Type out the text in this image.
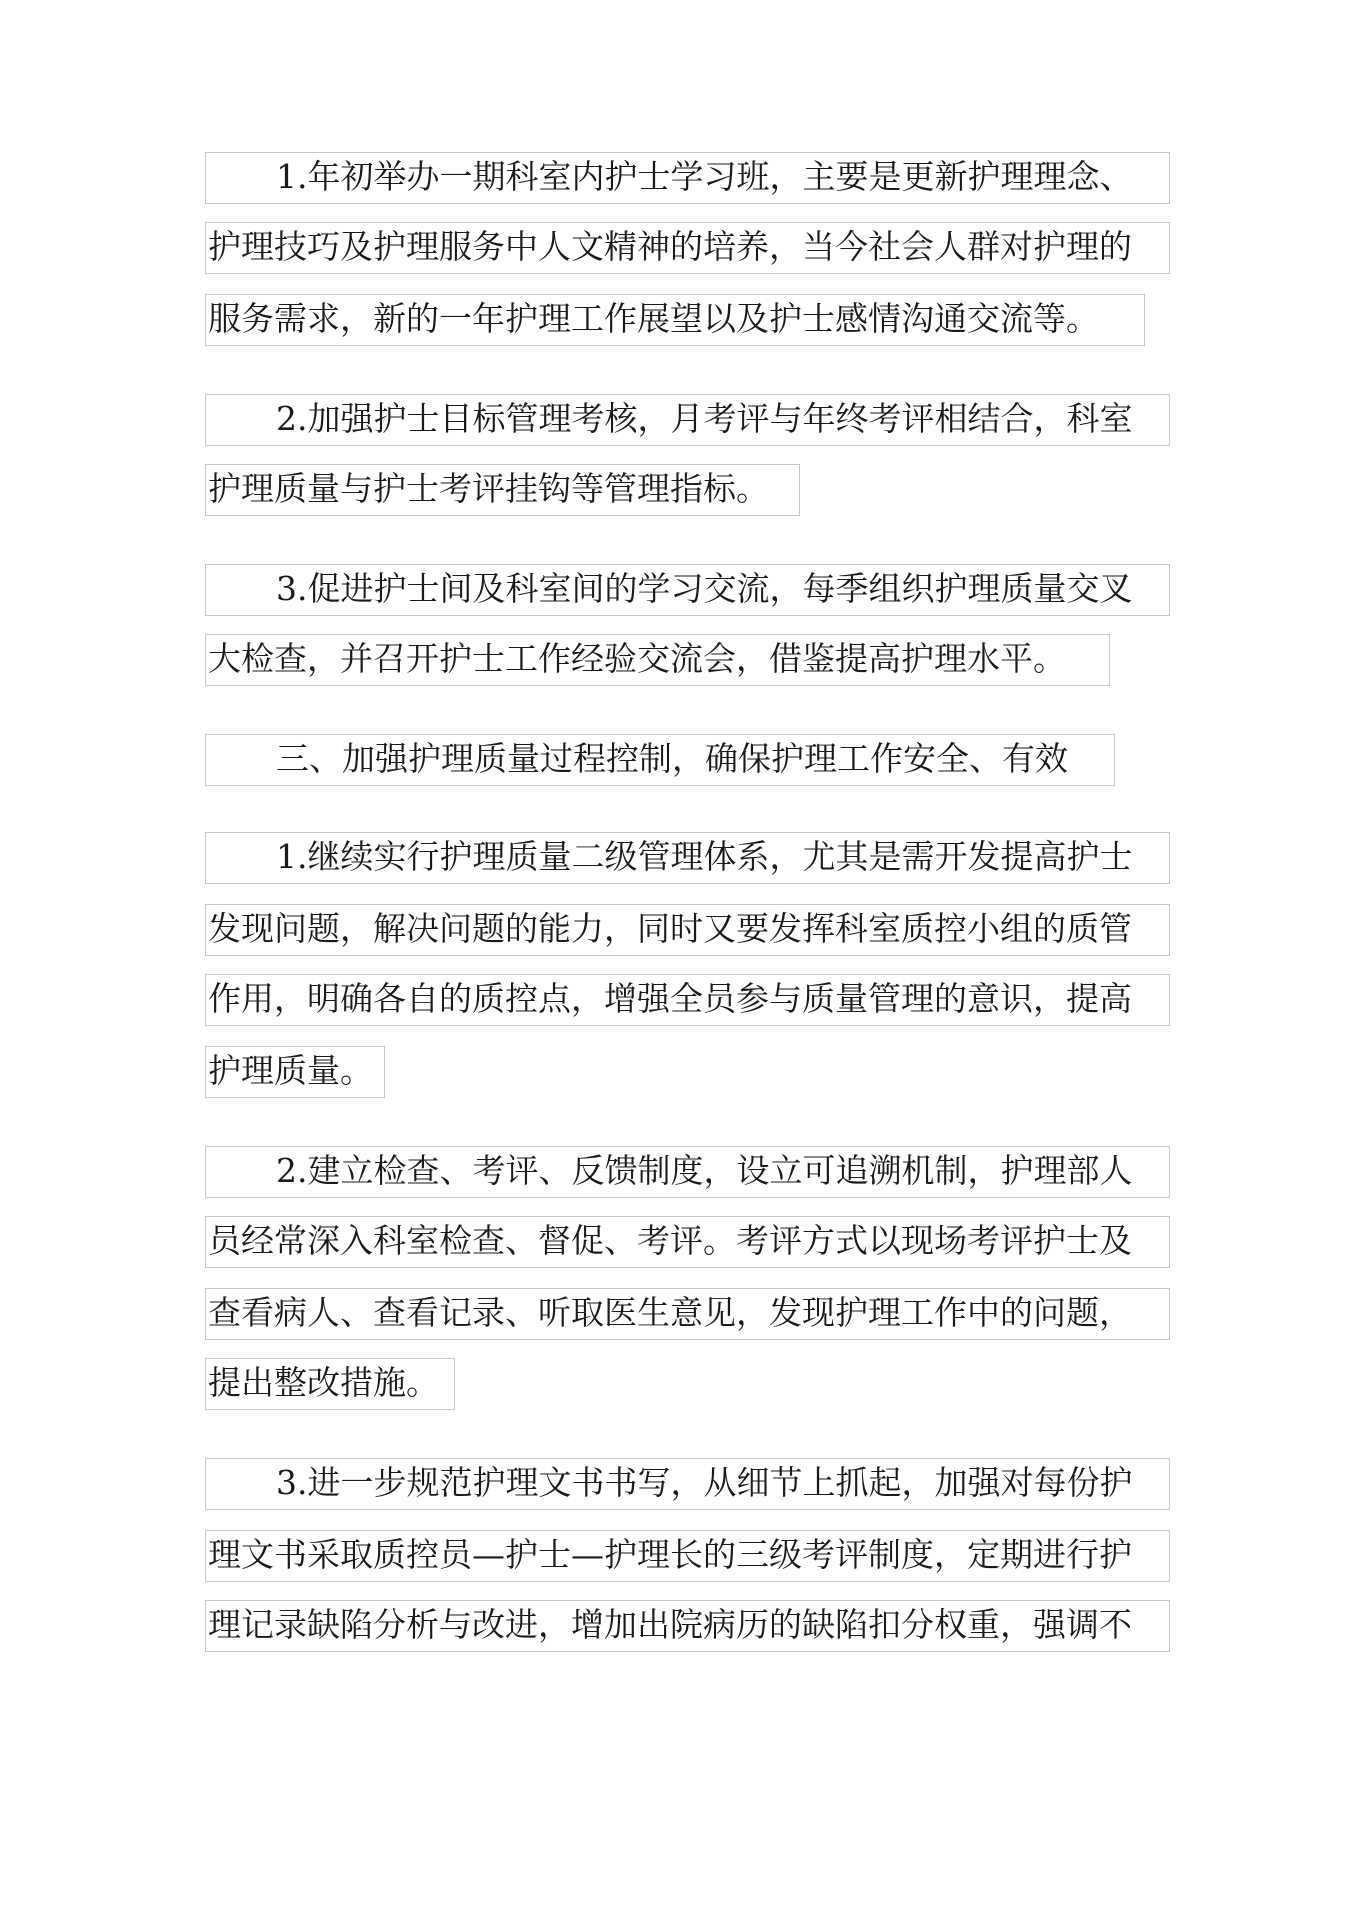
1.年初举办一期科室内护士学习班，主要是更新护理理念、
护理技巧及护理服务中人文精神的培养，当今社会人群对护理的
服务需求，新的一年护理工作展望以及护士感情沟通交流等。
2.加强护士目标管理考核，月考评与年终考评相结合，科室
护理质量与护士考评挂钩等管理指标。
3.促进护士间及科室间的学习交流，每季组织护理质量交叉
大检查，并召开护士工作经验交流会，借鉴提高护理水平。
三、加强护理质量过程控制，确保护理工作安全、有效
1.继续实行护理质量二级管理体系，尤其是需开发提高护士
发现问题，解决问题的能力，同时又要发挥科室质控小组的质管
作用，明确各自的质控点，增强全员参与质量管理的意识，提高
护理质量。
2.建立检查、考评、反馈制度，设立可追溯机制，护理部人
员经常深入科室检查、督促、考评。考评方式以现场考评护士及
查看病人、查看记录、听取医生意见，发现护理工作中的问题，
提出整改措施。
3.进一步规范护理文书书写，从细节上抓起，加强对每份护
理文书采取质控员—护士—护理长的三级考评制度，定期进行护
理记录缺陷分析与改进，增加出院病历的缺陷扣分权重，强调不
